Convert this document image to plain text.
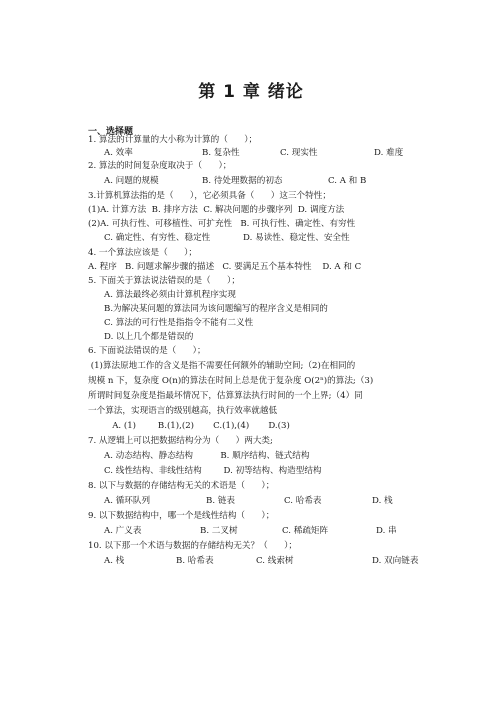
第 1 章 绪论
一、选择题
1. 算法的计算量的大小称为计算的（      ）；
A. 效率	B. 复杂性	C. 现实性	D. 难度
2. 算法的时间复杂度取决于（      ）；
A. 问题的规模	B. 待处理数据的初态	C. A 和 B
3.计算机算法指的是（      ），它必须具备（      ）这三个特性；
(1)A. 计算方法  B. 排序方法  C. 解决问题的步骤序列  D. 调度方法
(2)A. 可执行性、可移植性、可扩充性   B. 可执行性、确定性、有穷性
C. 确定性、有穷性、稳定性            D. 易读性、稳定性、安全性
4. 一个算法应该是（      ）；
A. 程序   B. 问题求解步骤的描述   C. 要满足五个基本特性    D. A 和 C
5. 下面关于算法说法错误的是（      ）；
A. 算法最终必须由计算机程序实现
B.为解决某问题的算法同为该问题编写的程序含义是相同的
C. 算法的可行性是指指令不能有二义性
D. 以上几个都是错误的
6. 下面说法错误的是（      ）；
(1)算法原地工作的含义是指不需要任何额外的辅助空间;（2)在相同的
规模 n 下，复杂度 O(n)的算法在时间上总是优于复杂度 O(2ⁿ)的算法;（3)
所谓时间复杂度是指最坏情况下，估算算法执行时间的一个上界;（4）同
一个算法，实现语言的级别越高，执行效率就越低
A. (1)        B.(1),(2)       C.(1),(4)       D.(3)
7. 从逻辑上可以把数据结构分为（      ）两大类;
A. 动态结构、静态结构          B. 顺序结构、链式结构
C. 线性结构、非线性结构        D. 初等结构、构造型结构
8. 以下与数据的存储结构无关的术语是（      ）；
A. 循环队列	B. 链表	C. 哈希表	D. 栈
9. 以下数据结构中，哪一个是线性结构（      ）；
A. 广义表	B. 二叉树	C. 稀疏矩阵	D. 串
10. 以下那一个术语与数据的存储结构无关？（      ）；
A. 栈	B. 哈希表	C. 线索树	D. 双向链表
